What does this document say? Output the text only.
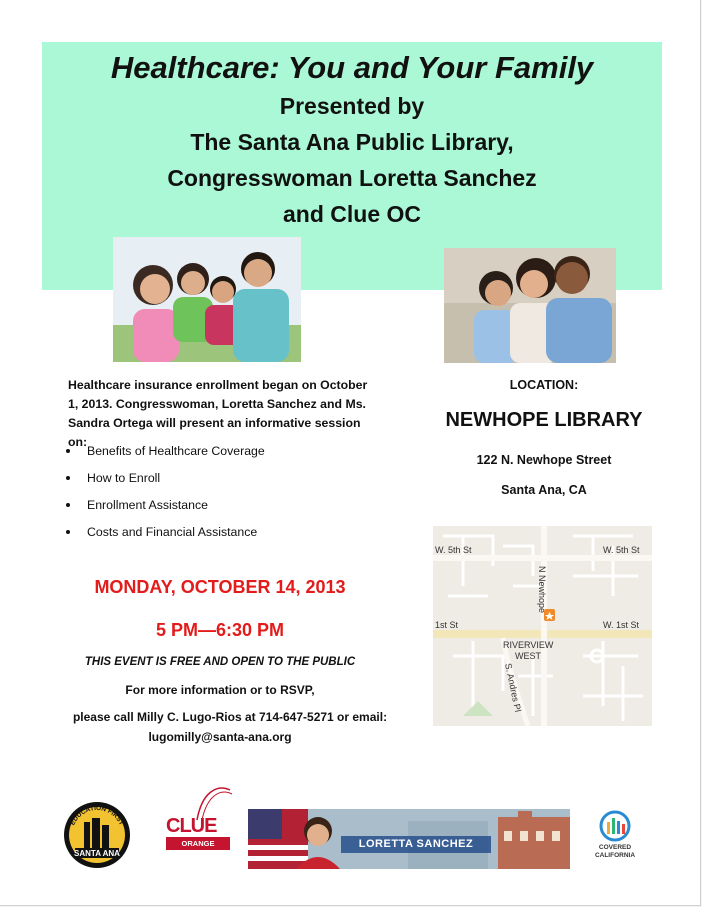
Healthcare: You and Your Family
Presented by
The Santa Ana Public Library,
Congresswoman Loretta Sanchez
and Clue OC
Healthcare insurance enrollment began on October 1, 2013. Congresswoman, Loretta Sanchez and Ms. Sandra Ortega will present an informative session on:
Benefits of Healthcare Coverage
How to Enroll
Enrollment Assistance
Costs and Financial Assistance
MONDAY, OCTOBER 14, 2013
5 PM—6:30 PM
THIS EVENT IS FREE AND OPEN TO THE PUBLIC
For more information or to RSVP,
please call Milly C. Lugo-Rios at 714-647-5271 or email:
lugomilly@santa-ana.org
LOCATION:
NEWHOPE LIBRARY
122 N. Newhope Street
Santa Ana, CA
W. 5th St	W. 5th St
N Newhope
1st St	W. 1st St
RIVERVIEW
WEST
S. Andres Pl
EDUCATION FIRST
SANTA ANA
CLUE
ORANGE COUNTY
LORETTA SANCHEZ	COVERED
CALIFORNIA
